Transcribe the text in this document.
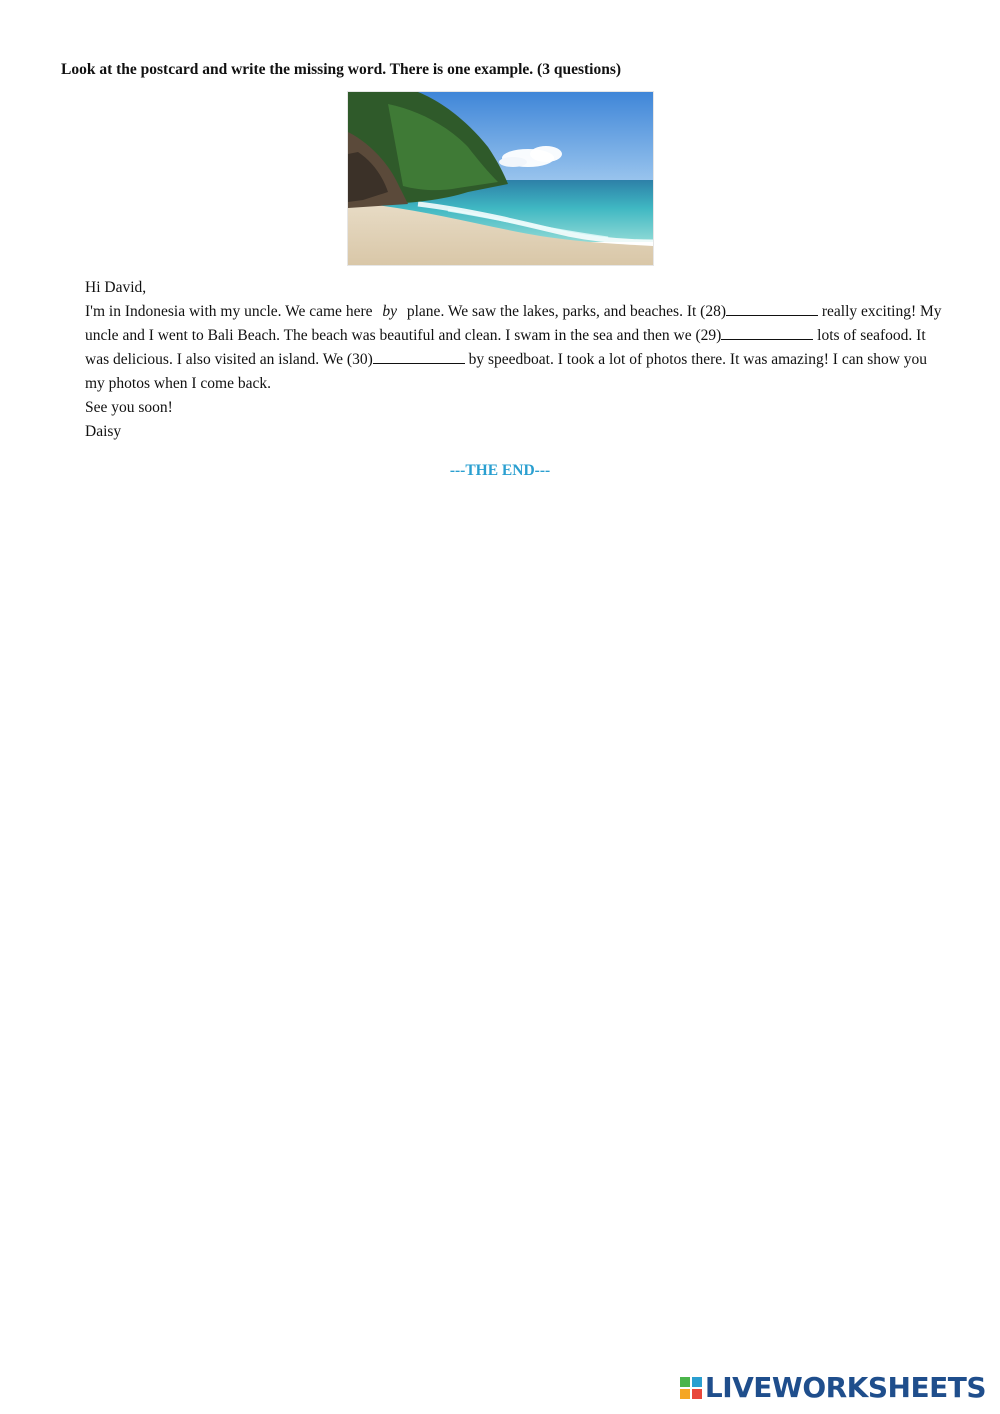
Look at the postcard and write the missing word. There is one example. (3 questions)

Hi David,

I'm in Indonesia with my uncle. We came here by plane. We saw the lakes, parks, and beaches. It (28)	really exciting! My uncle and I went to Bali Beach. The beach was beautiful and clean. I swam in the sea and then we (29)	lots of seafood. It was delicious. I also visited an island. We (30)	by speedboat. I took a lot of photos there. It was amazing! I can show you my photos when I come back.

See you soon!

Daisy

---THE END---
LIVEWORKSHEETS
